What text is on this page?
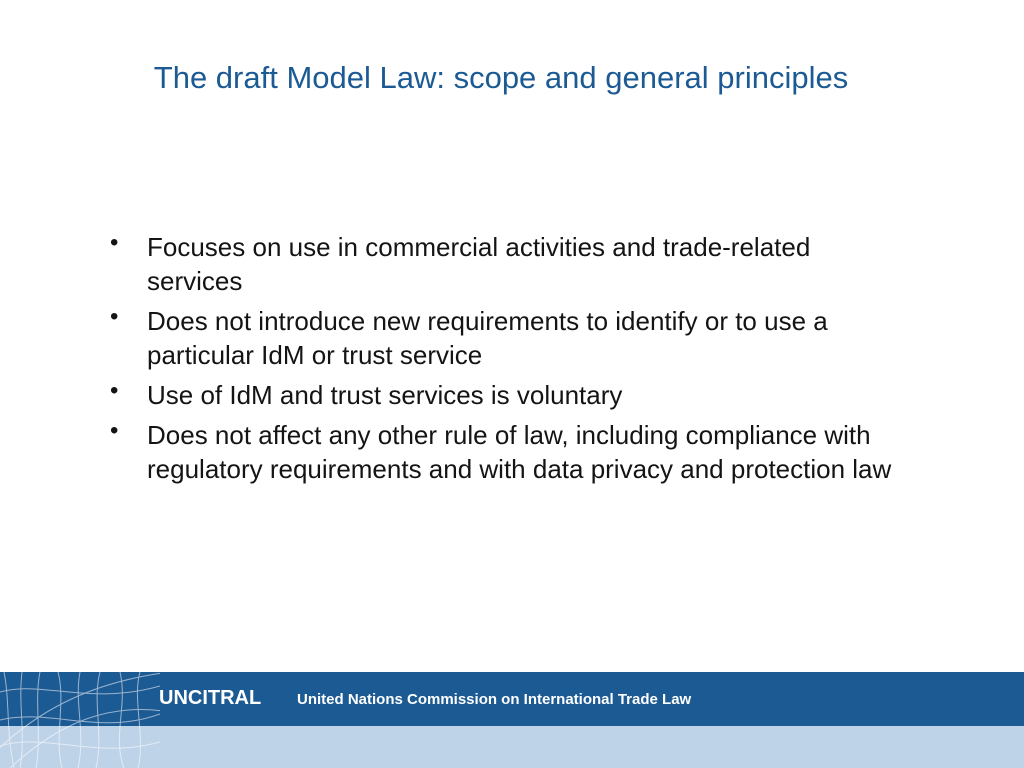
The draft Model Law: scope and general principles
• Focuses on use in commercial activities and trade-related services
• Does not introduce new requirements to identify or to use a particular IdM or trust service
• Use of IdM and trust services is voluntary
• Does not affect any other rule of law, including compliance with regulatory requirements and with data privacy and protection law
UNCITRAL United Nations Commission on International Trade Law
